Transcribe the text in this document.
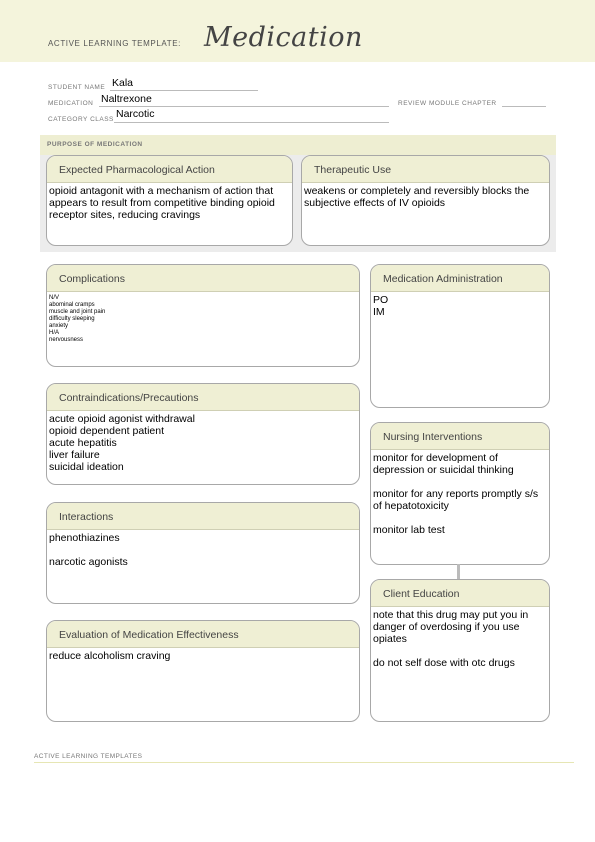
ACTIVE LEARNING TEMPLATE: Medication
STUDENT NAME Kala
MEDICATION Naltrexone	REVIEW MODULE CHAPTER
CATEGORY CLASS Narcotic
PURPOSE OF MEDICATION
Expected Pharmacological Action
opioid antagonit with a mechanism of action that appears to result from competitive binding opioid receptor sites, reducing cravings
Therapeutic Use
weakens or completely and reversibly blocks the subjective effects of IV opioids
Complications

N/V

abominal cramps

muscle and joint pain

difficulty sleeping

anxiety

H/A

nervousness

Contraindications/Precautions

acute opioid agonist withdrawal

opioid dependent patient

acute hepatitis

liver failure

suicidal ideation

Interactions

phenothiazines

narcotic agonists

Evaluation of Medication Effectiveness
reduce alcoholism craving
Medication Administration

PO

IM

Nursing Interventions

monitor for development of depression or suicidal thinking

monitor for any reports promptly s/s of hepatotoxicity

monitor lab test

Client Education

note that this drug may put you in danger of overdosing if you use opiates

do not self dose with otc drugs

ACTIVE LEARNING TEMPLATES
